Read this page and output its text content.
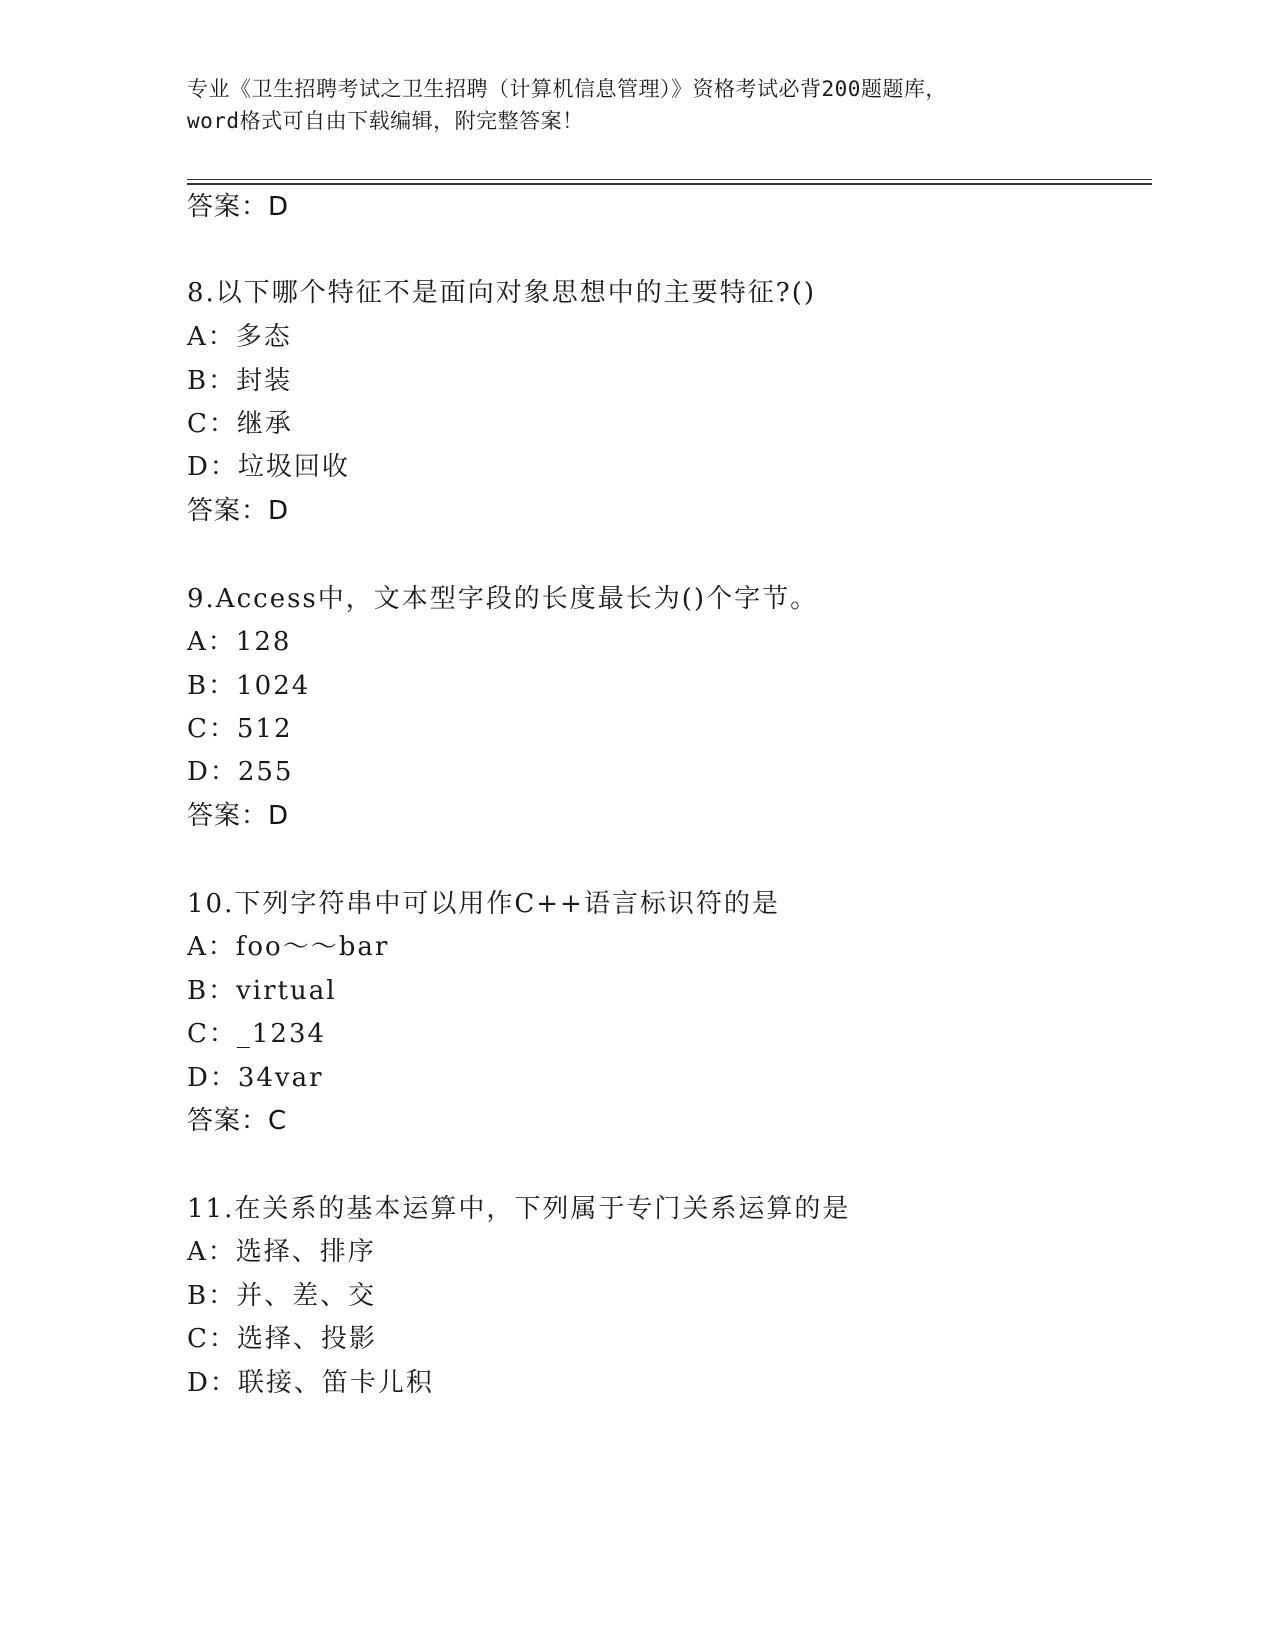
专业《卫生招聘考试之卫生招聘（计算机信息管理）》资格考试必背200题题库，
word格式可自由下载编辑，附完整答案！
答案：D
8.以下哪个特征不是面向对象思想中的主要特征?()
A：多态
B：封装
C：继承
D：垃圾回收
答案：D
9.Access中，文本型字段的长度最长为()个字节。
A：128
B：1024
C：512
D：255
答案：D
10.下列字符串中可以用作C++语言标识符的是
A：foo～～bar
B：virtual
C：_1234
D：34var
答案：C
11.在关系的基本运算中，下列属于专门关系运算的是
A：选择、排序
B：并、差、交
C：选择、投影
D：联接、笛卡儿积
